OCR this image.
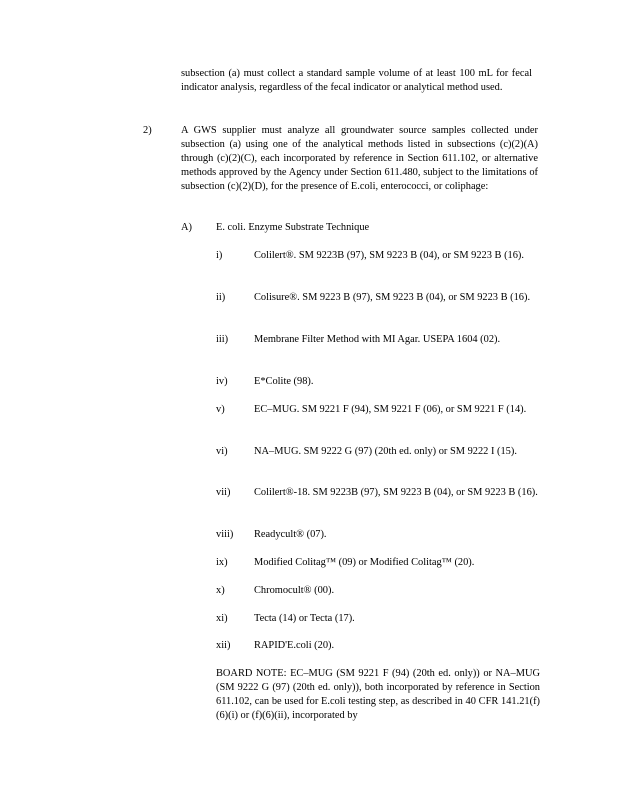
subsection (a) must collect a standard sample volume of at least 100 mL for fecal indicator analysis, regardless of the fecal indicator or analytical method used.

2)	A GWS supplier must analyze all groundwater source samples collected under subsection (a) using one of the analytical methods listed in subsections (c)(2)(A) through (c)(2)(C), each incorporated by reference in Section 611.102, or alternative methods approved by the Agency under Section 611.480, subject to the limitations of subsection (c)(2)(D), for the presence of E.coli, enterococci, or coliphage:

A) E. coli. Enzyme Substrate Technique

i)	Colilert®. SM 9223B (97), SM 9223 B (04), or SM 9223 B (16).

ii)	Colisure®. SM 9223 B (97), SM 9223 B (04), or SM 9223 B (16).

iii) Membrane Filter Method with MI Agar. USEPA 1604 (02).

iv)	E*Colite (98).

v)	EC–MUG. SM 9221 F (94), SM 9221 F (06), or SM 9221 F (14).

vi)	NA–MUG. SM 9222 G (97) (20th ed. only) or SM 9222 I (15).

vii) Colilert®-18. SM 9223B (97), SM 9223 B (04), or SM 9223 B (16).

viii) Readycult® (07).

ix)	Modified Colitag™ (09) or Modified Colitag™ (20).

x)	Chromocult® (00).

xi)	Tecta (14) or Tecta (17).

xii) RAPID'E.coli (20).

BOARD NOTE: EC–MUG (SM 9221 F (94) (20th ed. only)) or NA–MUG (SM 9222 G (97) (20th ed. only)), both incorporated by reference in Section 611.102, can be used for E.coli testing step, as described in 40 CFR 141.21(f)(6)(i) or (f)(6)(ii), incorporated by
